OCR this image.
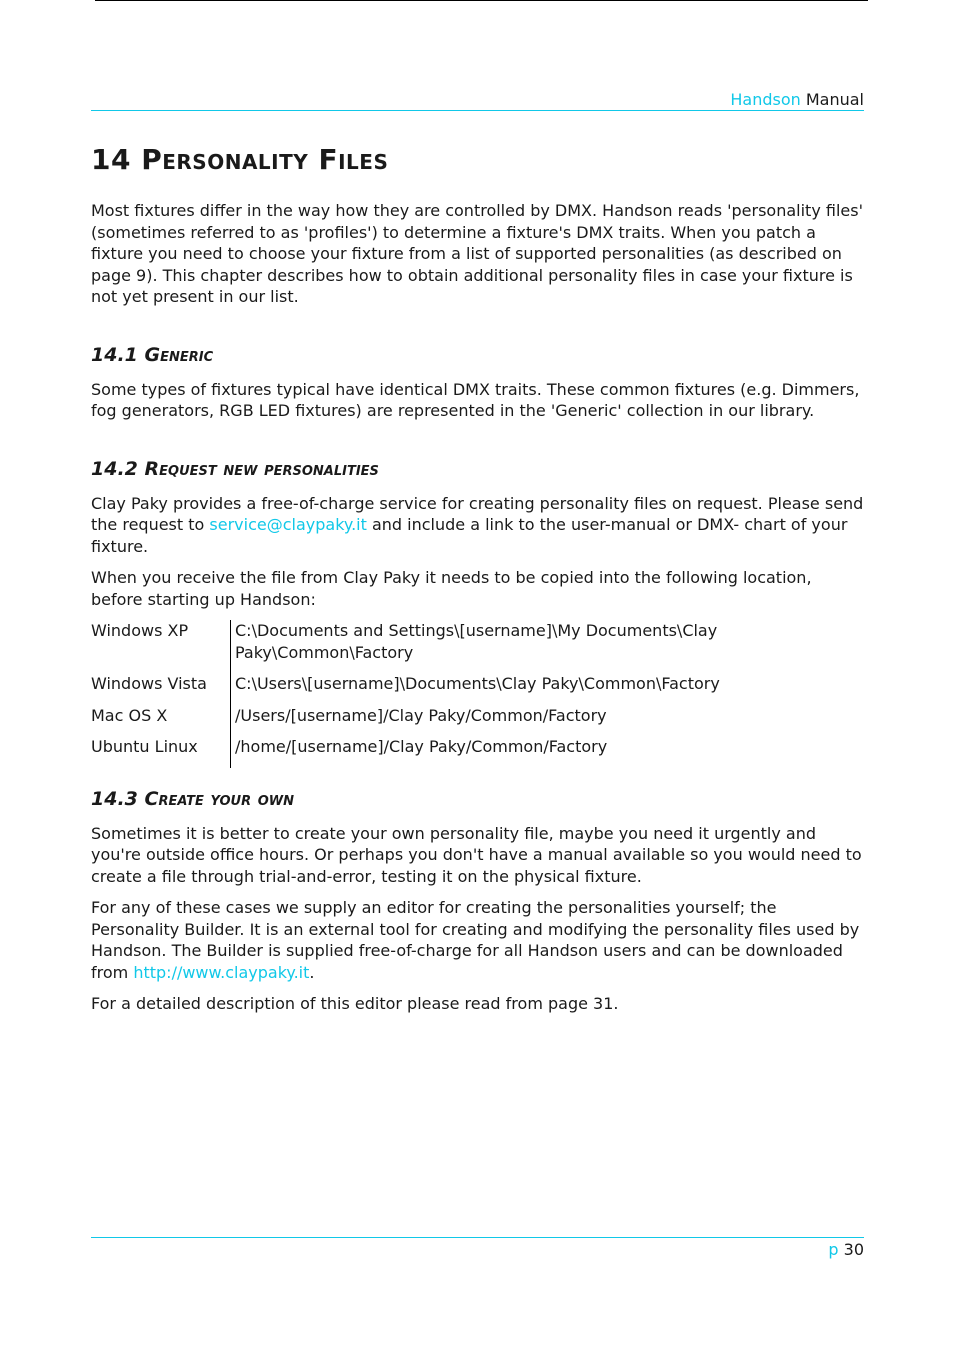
Handson Manual
14 Personality Files

Most fixtures differ in the way how they are controlled by DMX. Handson reads 'personality files' (sometimes referred to as 'profiles') to determine a fixture's DMX traits. When you patch a fixture you need to choose your fixture from a list of supported personalities (as described on page 9). This chapter describes how to obtain additional personality files in case your fixture is not yet present in our list.

14.1 Generic

Some types of fixtures typical have identical DMX traits. These common fixtures (e.g. Dimmers, fog generators, RGB LED fixtures) are represented in the 'Generic' collection in our library.

14.2 Request new personalities

Clay Paky provides a free-of-charge service for creating personality files on request. Please send the request to service@claypaky.it and include a link to the user-manual or DMX- chart of your fixture.

When you receive the file from Clay Paky it needs to be copied into the following location, before starting up Handson:

Windows XP	C:\Documents and Settings\[username]\My Documents\Clay Paky\Common\Factory
Windows Vista	C:\Users\[username]\Documents\Clay Paky\Common\Factory
Mac OS X	/Users/[username]/Clay Paky/Common/Factory
Ubuntu Linux	/home/[username]/Clay Paky/Common/Factory
14.3 Create your own

Sometimes it is better to create your own personality file, maybe you need it urgently and you're outside office hours. Or perhaps you don't have a manual available so you would need to create a file through trial-and-error, testing it on the physical fixture.

For any of these cases we supply an editor for creating the personalities yourself; the Personality Builder. It is an external tool for creating and modifying the personality files used by Handson. The Builder is supplied free-of-charge for all Handson users and can be downloaded from http://www.claypaky.it.

For a detailed description of this editor please read from page 31.

p 30
